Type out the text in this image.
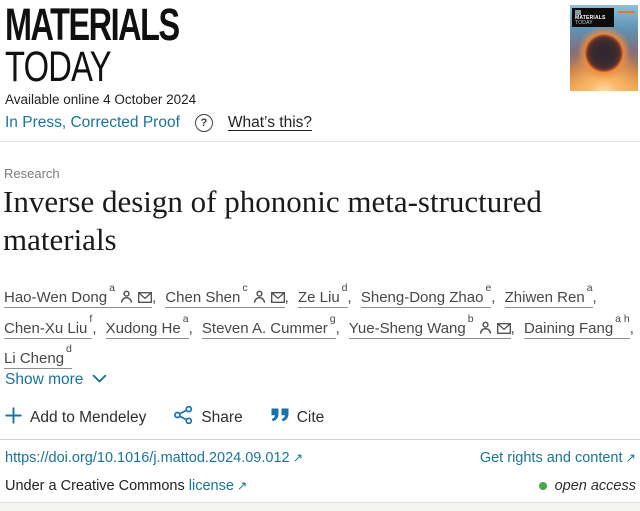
MATERIALS
TODAY
MATERIALS
TODAY
Available online 4 October 2024
In Press, Corrected Proof	?	What’s this?
Research
Inverse design of phononic meta-structured
materials
Hao-Wen Dong$^a$, Chen Shen$^c$, Ze Liu$^d$, Sheng-Dong Zhao$^e$, Zhiwen Ren$^a$,
Chen-Xu Liu$^f$, Xudong He$^a$, Steven A. Cummer$^g$, Yue-Sheng Wang$^b$, Daining Fang$^{a h}$,
Li Cheng$^d$
Show more
Add to Mendeley	Share	Cite
https://doi.org/10.1016/j.mattod.2024.09.012 ↗	Get rights and content ↗
Under a Creative Commons license ↗	open access
